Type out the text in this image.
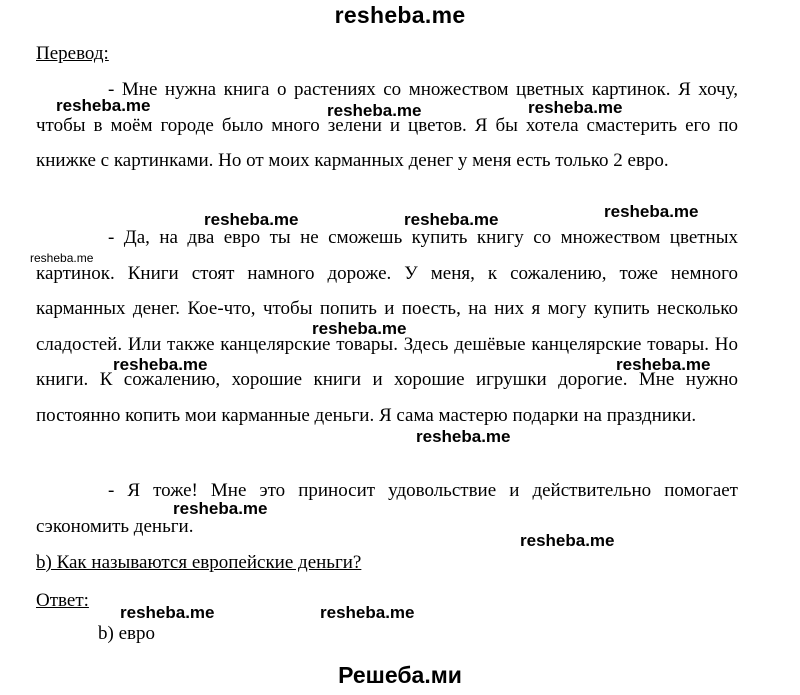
resheba.me
Перевод:

- Мне нужна книга о растениях со множеством цветных картинок. Я хочу, чтобы в моём городе было много зелени и цветов. Я бы хотела смастерить его по книжке с картинками. Но от моих карманных денег у меня есть только 2 евро.

- Да, на два евро ты не сможешь купить книгу со множеством цветных картинок. Книги стоят намного дороже. У меня, к сожалению, тоже немного карманных денег. Кое-что, чтобы попить и поесть, на них я могу купить несколько сладостей. Или также канцелярские товары. Здесь дешёвые канцелярские товары. Но книги. К сожалению, хорошие книги и хорошие игрушки дорогие. Мне нужно постоянно копить мои карманные деньги. Я сама мастерю подарки на праздники.

- Я тоже! Мне это приносит удовольствие и действительно помогает сэкономить деньги.

b) Как называются европейские деньги?
Ответ:
b) евро
resheba.me	resheba.me	resheba.me
resheba.me	resheba.me	resheba.me
resheba.me
resheba.me
resheba.me	resheba.me
resheba.me
resheba.me
resheba.me
resheba.me	resheba.me
Решеба.ми
